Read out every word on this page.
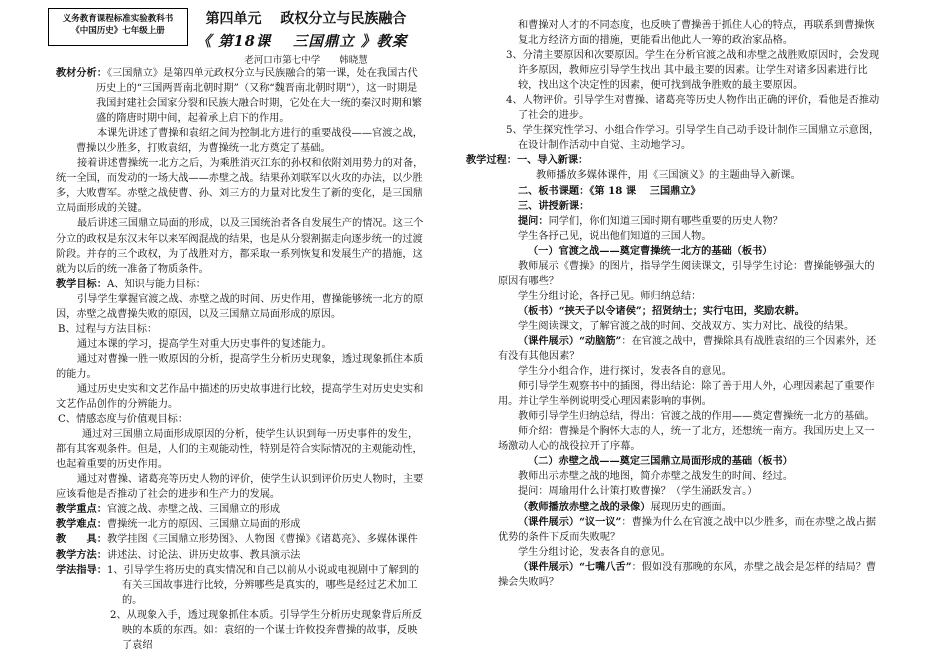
义务教育课程标准实验教科书
《中国历史》七年级上册
第四单元　 政权分立与民族融合
《 第18课　 三国鼎立 》教案
老河口市第七中学　　韩晓慧

教材分析：《三国鼎立》是第四单元政权分立与民族融合的第一课，处在我国古代历史上的“三国两晋南北朝时期”（又称“魏晋南北朝时期”），这一时期是我国封建社会国家分裂和民族大融合时期，它处在大一统的秦汉时期和繁盛的隋唐时期中间，起着承上启下的作用。

本课先讲述了曹操和袁绍之间为控制北方进行的重要战役——官渡之战，曹操以少胜多，打败袁绍，为曹操统一北方奠定了基础。

接着讲述曹操统一北方之后，为乘胜消灭江东的孙权和依附刘用势力的对备，统一全国，而发动的一场大战——赤壁之战。结果孙刘联军以火攻的办法，以少胜多，大败曹军。赤壁之战使曹、孙、刘三方的力量对比发生了新的变化，是三国鼎立局面形成的关键。

最后讲述三国鼎立局面的形成，以及三国统治者各自发展生产的情况。这三个分立的政权是东汉末年以来军阀混战的结果，也是从分裂割据走向逐步统一的过渡阶段。并存的三个政权，为了战胜对方，都采取一系列恢复和发展生产的措施，这就为以后的统一准备了物质条件。

教学目标：A、知识与能力目标：

引导学生掌握官渡之战、赤壁之战的时间、历史作用，曹操能够统一北方的原因，赤壁之战曹操失败的原因，以及三国鼎立局面形成的原因。

B、过程与方法目标：

通过本课的学习，提高学生对重大历史事件的复述能力。

通过对曹操一胜一败原因的分析，提高学生分析历史现象，透过现象抓住本质的能力。

通过历史史实和文艺作品中描述的历史故事进行比较，提高学生对历史史实和文艺作品创作的分辨能力。

C、情感态度与价值观目标：

通过对三国鼎立局面形成原因的分析，使学生认识到每一历史事件的发生，都有其客观条件。但是，人们的主观能动性，特别是符合实际情况的主观能动性，也起着重要的历史作用。

通过对曹操、诸葛亮等历史人物的评价，使学生认识到评价历史人物时，主要应该看他是否推动了社会的进步和生产力的发展。

教学重点：官渡之战、赤壁之战、三国鼎立的形成

教学难点：曹操统一北方的原因、三国鼎立局面的形成

教　　具：教学挂图《三国鼎立形势图》、人物图《曹操》《诸葛亮》、多媒体课件

教学方法：讲述法、讨论法、讲历史故事、教具演示法

学法指导：1、引导学生将历史的真实情况和自己以前从小说或电视剧中了解到的有关三国故事进行比较，分辨哪些是真实的，哪些是经过艺术加工的。

2、从现象入手，透过现象抓住本质。引导学生分析历史现象背后所反映的本质的东西。如：袁绍的一个谋士许攸投奔曹操的故事，反映了袁绍

和曹操对人才的不同态度，也反映了曹操善于抓住人心的特点，再联系到曹操恢复北方经济方面的措施，更能看出他此人一筹的政治家品格。

3、分清主要原因和次要原因。学生在分析官渡之战和赤壁之战胜败原因时，会发现许多原因，教师应引导学生找出 其中最主要的因素。让学生对诸多因素进行比较，找出这个决定性的因素，便可找到战争胜败的最主要原因。

4、人物评价。引导学生对曹操、诸葛亮等历史人物作出正确的评价，看他是否推动了社会的进步。

5、学生探究性学习、小组合作学习。引导学生自己动手设计制作三国鼎立示意图，在设计制作活动中自觉、主动地学习。

教学过程：一、导入新课：

教师播放多媒体课件，用《三国演义》的主题曲导入新课。

二、板书课题：《第 18 课　 三国鼎立》

三、讲授新课：

提问：同学们，你们知道三国时期有哪些重要的历史人物？

学生各抒己见，说出他们知道的三国人物。

（一）官渡之战——奠定曹操统一北方的基础（板书）

教师展示《曹操》的图片，指导学生阅读课文，引导学生讨论：曹操能够强大的原因有哪些？

学生分组讨论，各抒己见。师归纳总结：

（板书）“挟天子以令诸侯”；招贤纳士；实行屯田，奖励农耕。

学生阅读课文，了解官渡之战的时间、交战双方、实力对比、战役的结果。

（课件展示）“动脑筋”：在官渡之战中，曹操除具有战胜袁绍的三个因素外，还有没有其他因素？

学生分小组合作，进行探讨，发表各自的意见。

师引导学生观察书中的插图，得出结论：除了善于用人外，心理因素起了重要作用。并让学生举例说明受心理因素影响的事例。

教师引导学生归纳总结，得出：官渡之战的作用——奠定曹操统一北方的基础。

师介绍：曹操是个胸怀大志的人，统一了北方，还想统一南方。我国历史上又一场激动人心的战役拉开了序幕。

（二）赤壁之战——奠定三国鼎立局面形成的基础（板书）

教师出示赤壁之战的地图，简介赤壁之战发生的时间、经过。

提问：周瑜用什么计策打败曹操？（学生涌跃发言。）

（教师播放赤壁之战的录像）展现历史的画面。

（课件展示）“议一议”：曹操为什么在官渡之战中以少胜多，而在赤壁之战占据优势的条件下反而失败呢？

学生分组讨论，发表各自的意见。

（课件展示）“七嘴八舌”：假如没有那晚的东风，赤壁之战会是怎样的结局？曹操会失败吗？
